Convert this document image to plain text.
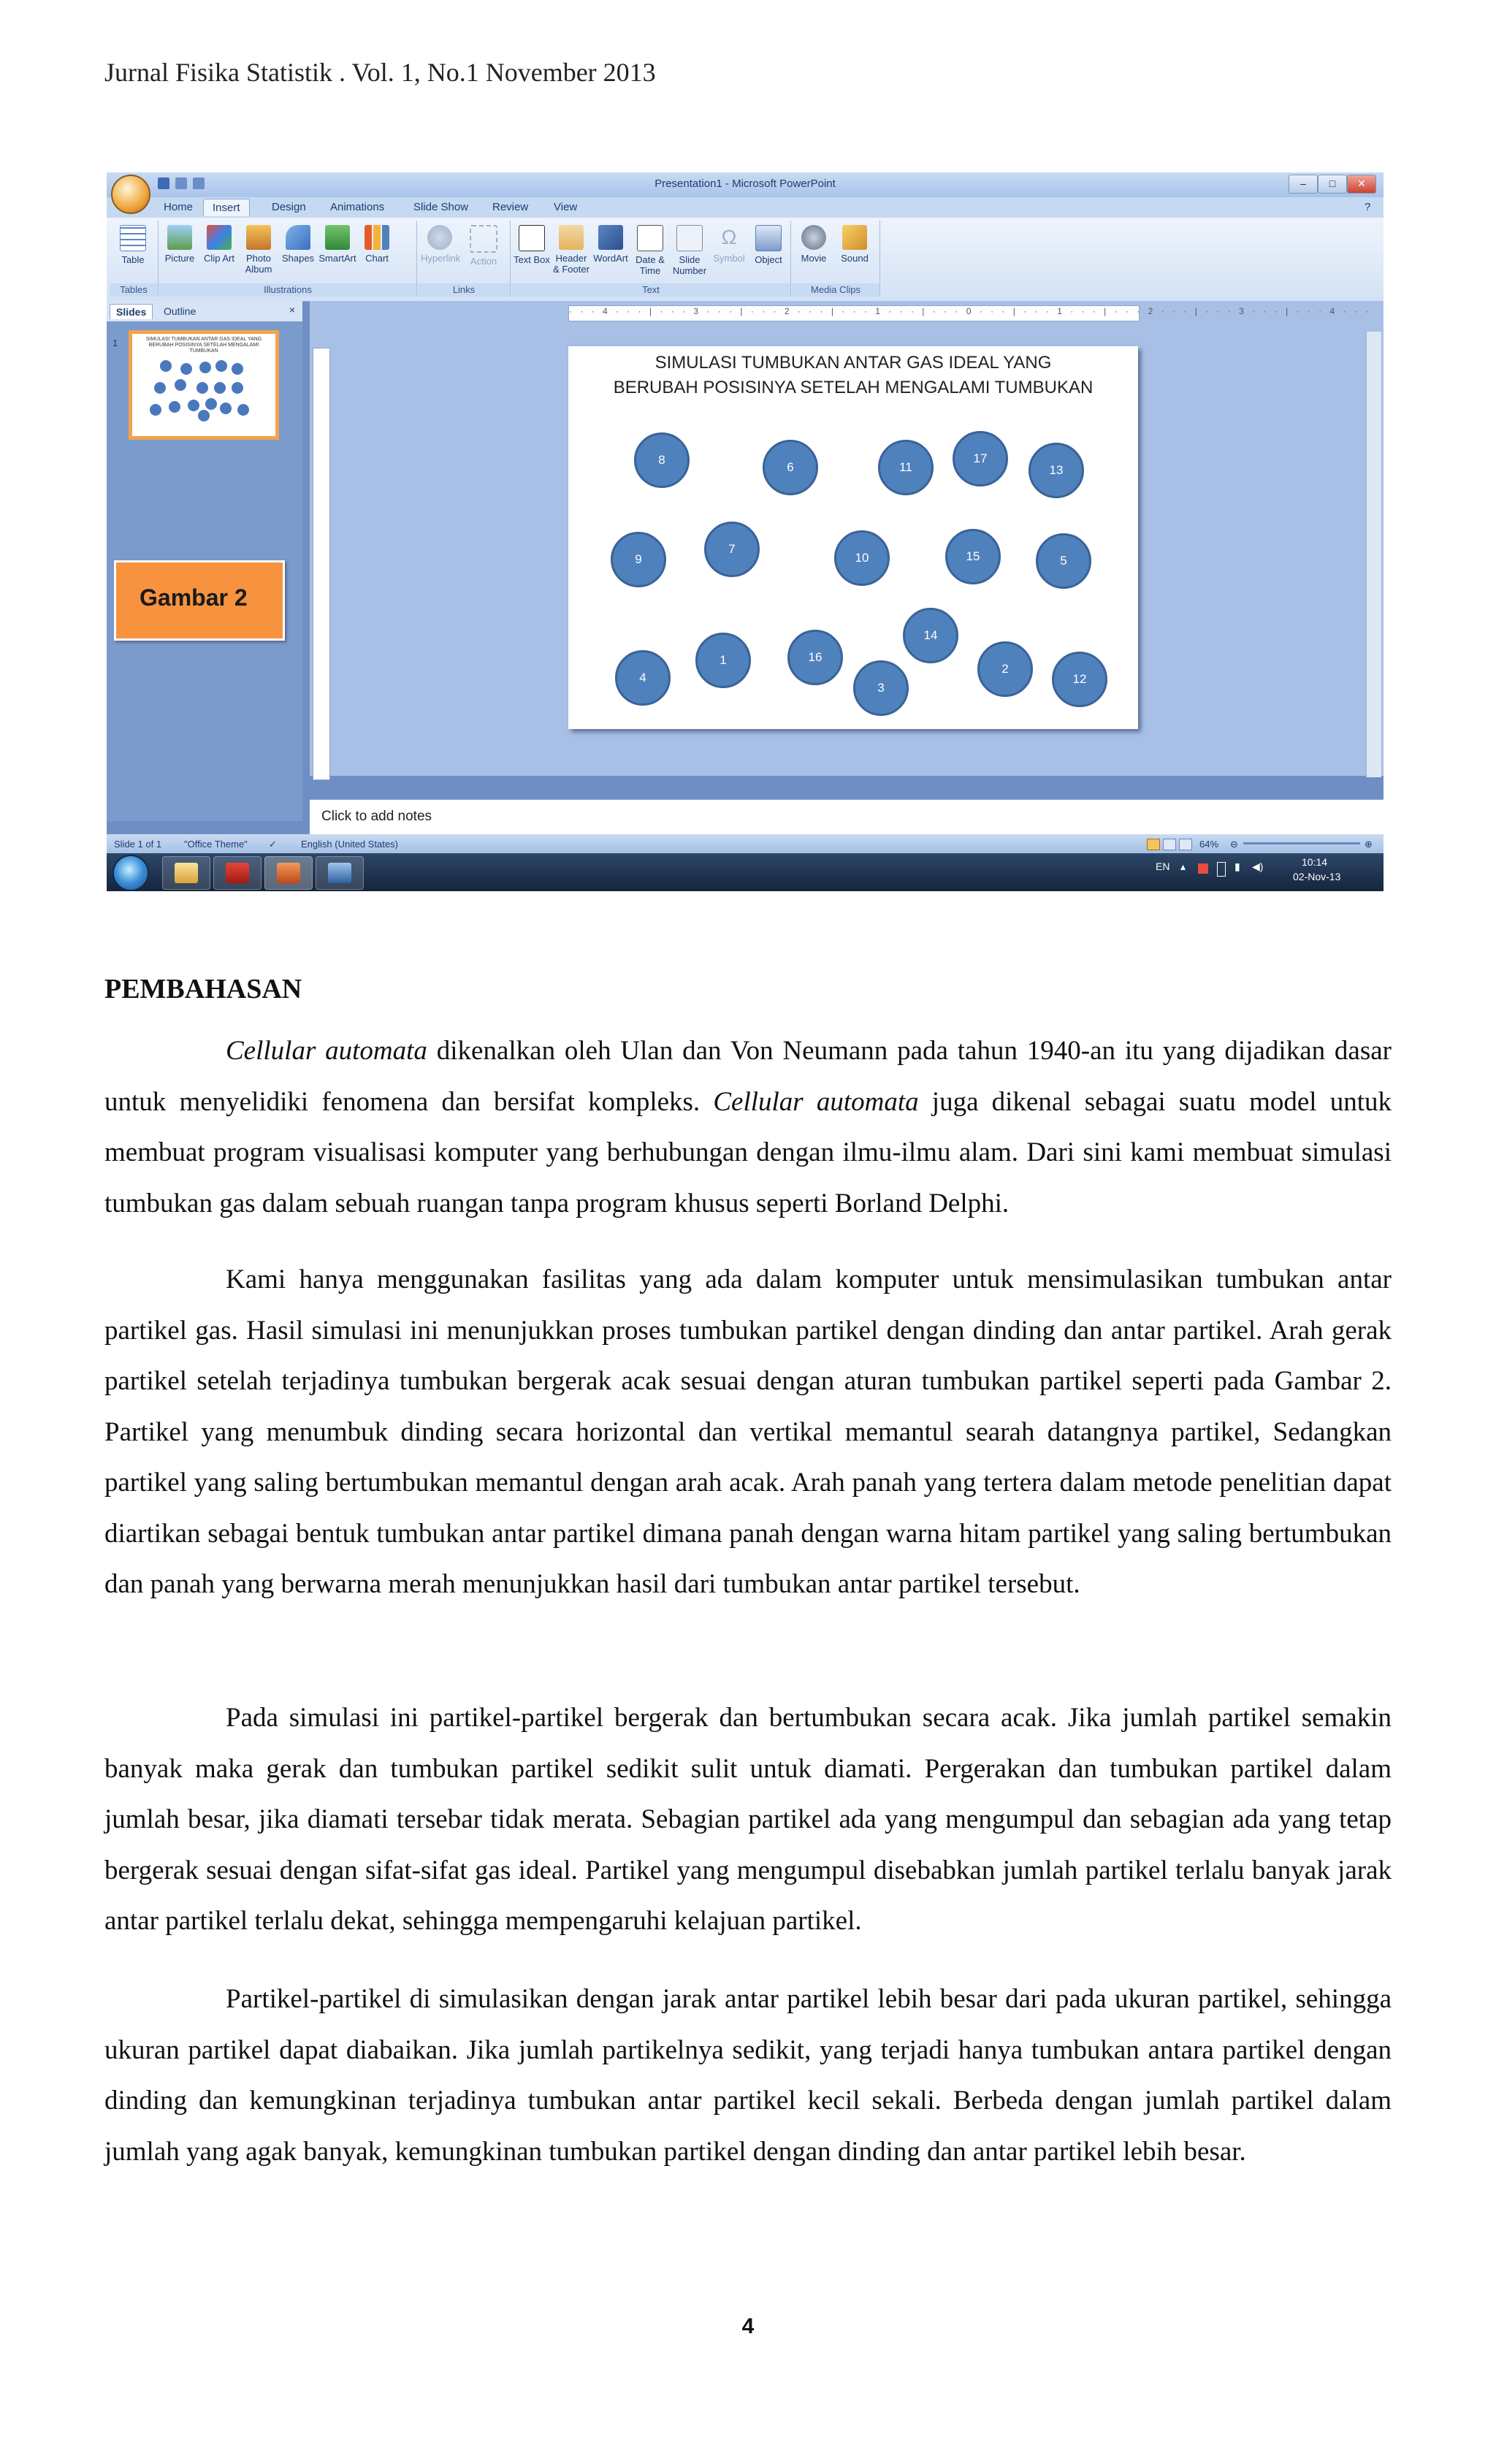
Jurnal Fisika Statistik . Vol. 1, No.1 November 2013
Presentation1 - Microsoft PowerPoint	–	□	✕
Home	Insert	Design Animations	Slide Show Review View	?
Table
Tables
Picture Clip Art	Photo Album
Shapes SmartArt Chart
Illustrations
Hyperlink	Action
Links
Text Box Header & Footer
WordArt Date & Time
Slide Number
Ω
Symbol	Object
Text
Movie	Sound
Media Clips
Slides	Outline	×
1	SIMULASI TUMBUKAN ANTAR GAS IDEAL YANG BERUBAH POSISINYA SETELAH MENGALAMI TUMBUKAN
Gambar 2
· · · 4 · · · | · · · 3 · · · | · · · 2 · · · | · · · 1 · · · | · · · 0 · · · | · · · 1 · · · | · · · 2 · · · | · · · 3 · · · | · · · 4 · · ·
SIMULASI TUMBUKAN ANTAR GAS IDEAL YANG BERUBAH POSISINYA SETELAH MENGALAMI TUMBUKAN
8
6	11
17
13
9
7
10	15	5
14
16
1
4
3
2
12
Click to add notes
Slide 1 of 1 "Office Theme" ✓	English (United States)	64% ⊖	⊕
EN ▴	▮ ◀)	10:14
02-Nov-13
PEMBAHASAN

Cellular automata dikenalkan oleh Ulan dan Von Neumann pada tahun 1940-an itu yang dijadikan dasar untuk menyelidiki fenomena dan bersifat kompleks. Cellular automata juga dikenal sebagai suatu model untuk membuat program visualisasi komputer yang berhubungan dengan ilmu-ilmu alam. Dari sini kami membuat simulasi tumbukan gas dalam sebuah ruangan tanpa program khusus seperti Borland Delphi.

Kami hanya menggunakan fasilitas yang ada dalam komputer untuk mensimulasikan tumbukan antar partikel gas. Hasil simulasi ini menunjukkan proses tumbukan partikel dengan dinding dan antar partikel. Arah gerak partikel setelah terjadinya tumbukan bergerak acak sesuai dengan aturan tumbukan partikel seperti pada Gambar 2. Partikel yang menumbuk dinding secara horizontal dan vertikal memantul searah datangnya partikel, Sedangkan partikel yang saling bertumbukan memantul dengan arah acak. Arah panah yang tertera dalam metode penelitian dapat diartikan sebagai bentuk tumbukan antar partikel dimana panah dengan warna hitam partikel yang saling bertumbukan dan panah yang berwarna merah menunjukkan hasil dari tumbukan antar partikel tersebut.

Pada simulasi ini partikel-partikel bergerak dan bertumbukan secara acak. Jika jumlah partikel semakin banyak maka gerak dan tumbukan partikel sedikit sulit untuk diamati. Pergerakan dan tumbukan partikel dalam jumlah besar, jika diamati tersebar tidak merata. Sebagian partikel ada yang mengumpul dan sebagian ada yang tetap bergerak sesuai dengan sifat-sifat gas ideal. Partikel yang mengumpul disebabkan jumlah partikel terlalu banyak jarak antar partikel terlalu dekat, sehingga mempengaruhi kelajuan partikel.

Partikel-partikel di simulasikan dengan jarak antar partikel lebih besar dari pada ukuran partikel, sehingga ukuran partikel dapat diabaikan. Jika jumlah partikelnya sedikit, yang terjadi hanya tumbukan antara partikel dengan dinding dan kemungkinan terjadinya tumbukan antar partikel kecil sekali. Berbeda dengan jumlah partikel dalam jumlah yang agak banyak, kemungkinan tumbukan partikel dengan dinding dan antar partikel lebih besar.

4
